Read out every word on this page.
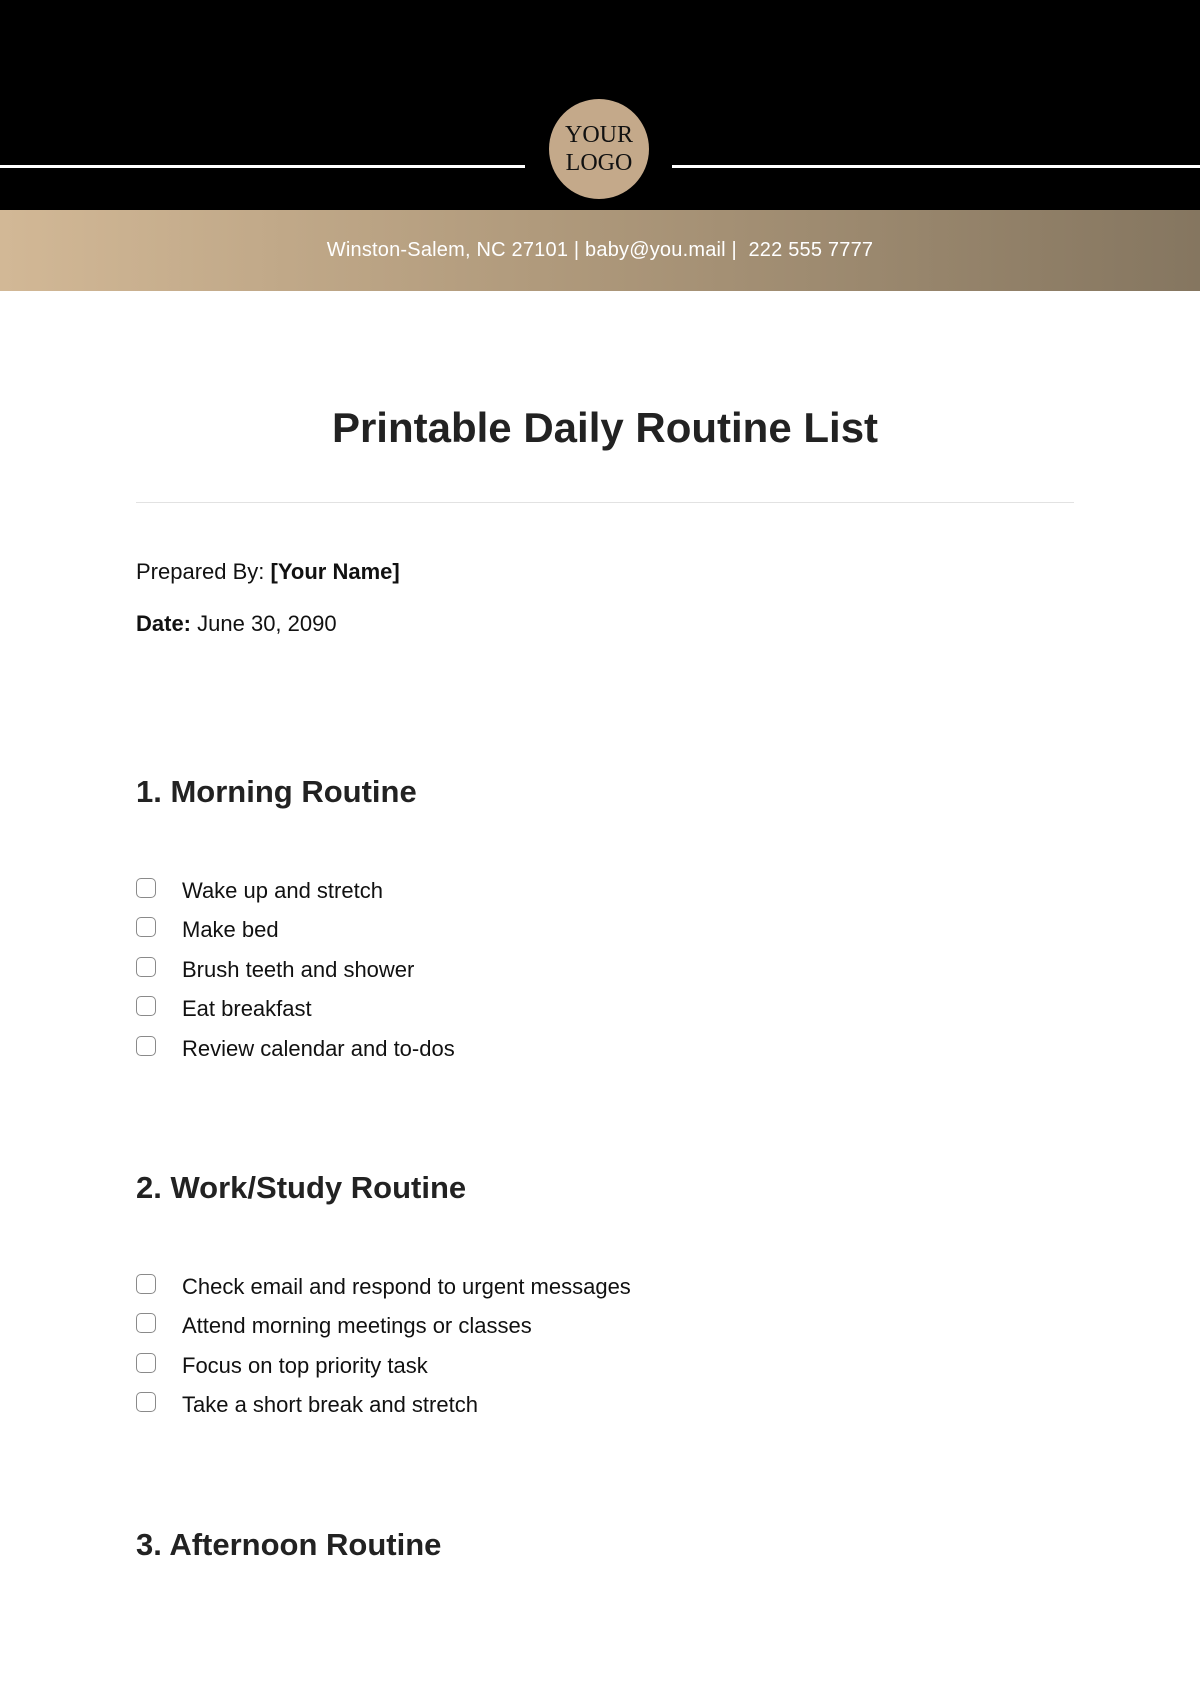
YOUR
LOGO
Winston-Salem, NC 27101 | baby@you.mail |  222 555 7777
Printable Daily Routine List
Prepared By: [Your Name]
Date: June 30, 2090
1. Morning Routine
Wake up and stretch
Make bed
Brush teeth and shower
Eat breakfast
Review calendar and to-dos
2. Work/Study Routine
Check email and respond to urgent messages
Attend morning meetings or classes
Focus on top priority task
Take a short break and stretch
3. Afternoon Routine
